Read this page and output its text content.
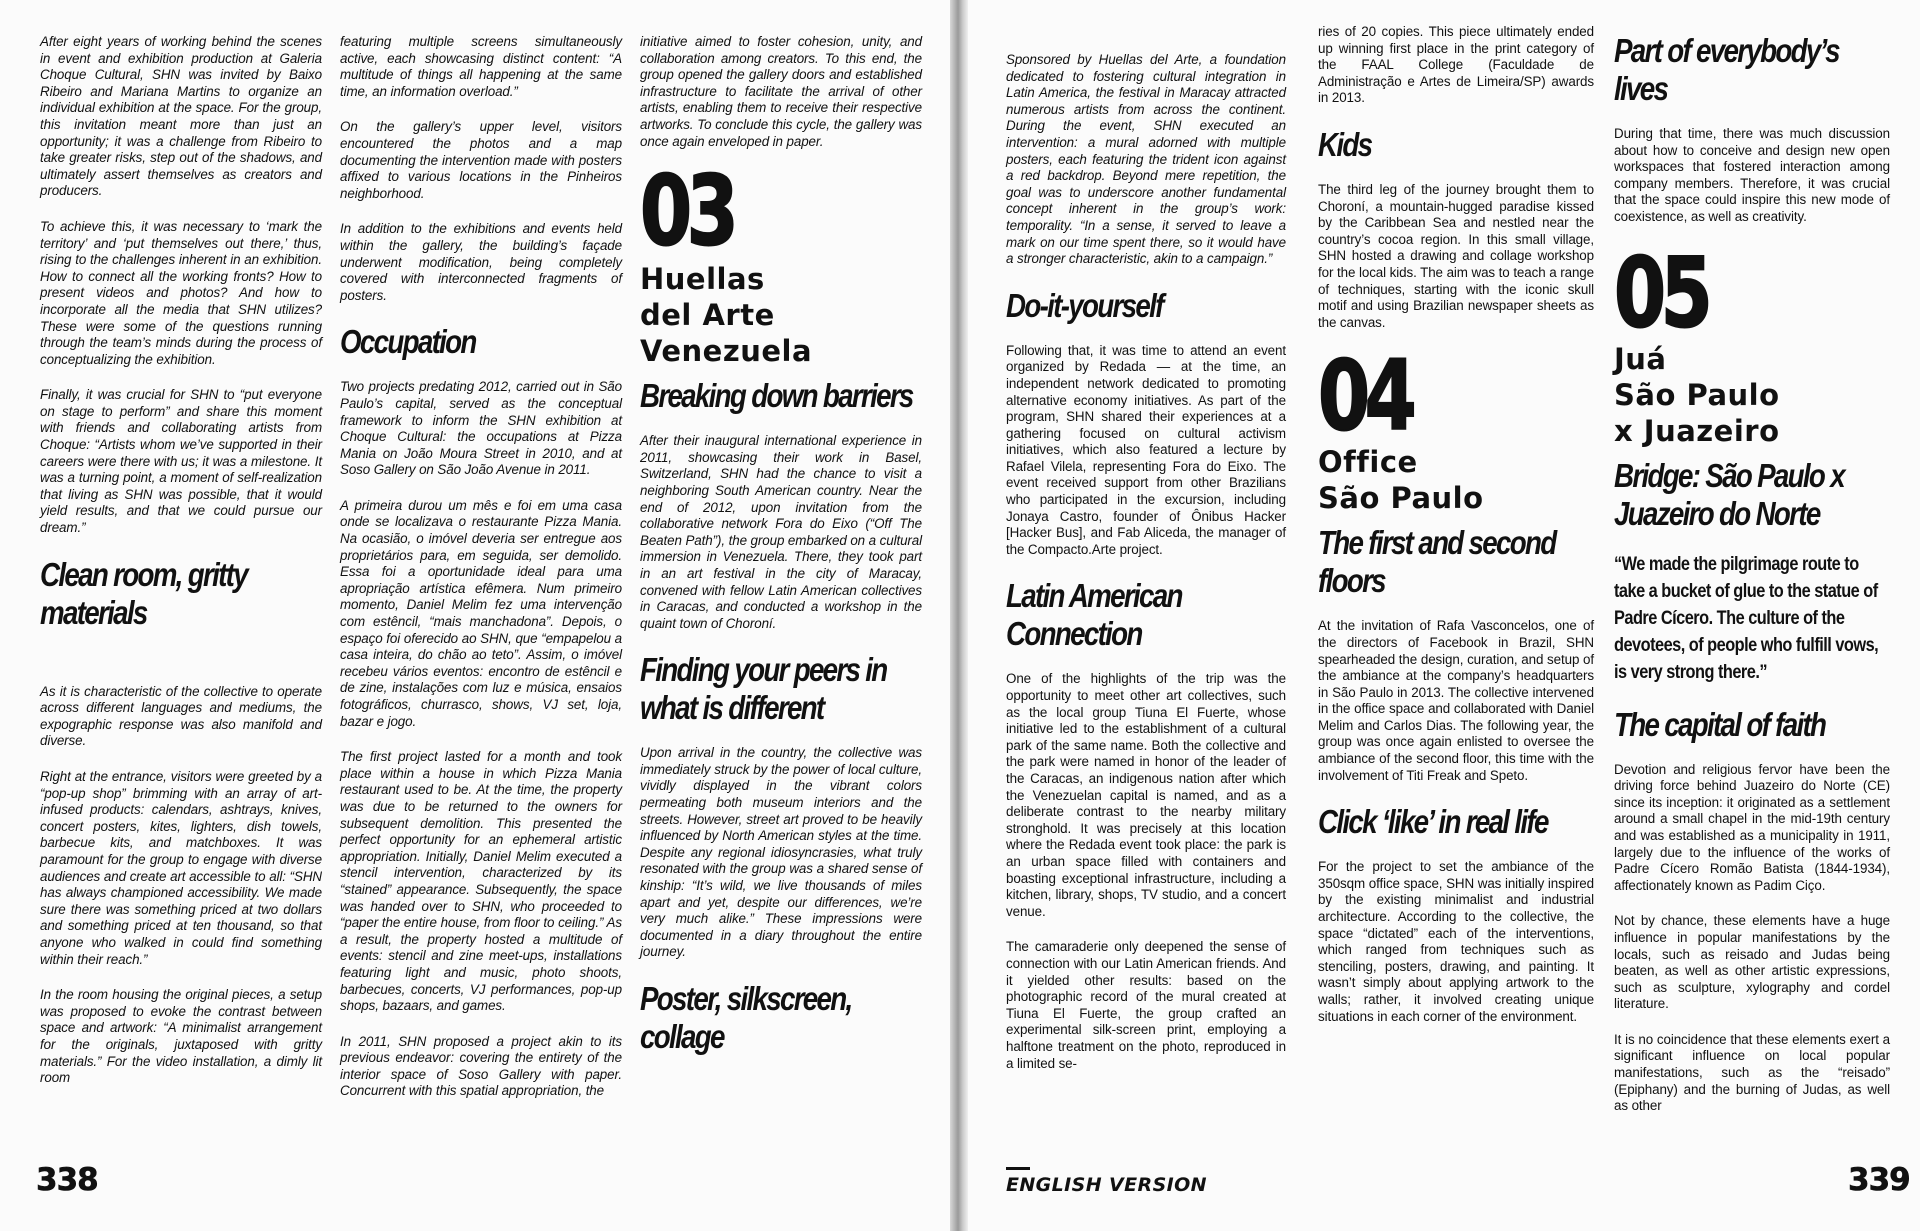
After eight years of working behind the scenes in event and exhibition production at Galeria Choque Cultural, SHN was invited by Baixo Ribeiro and Mariana Martins to organize an individual exhibition at the space. For the group, this invitation meant more than just an opportunity; it was a challenge from Ribeiro to take greater risks, step out of the shadows, and ultimately assert themselves as creators and producers.

To achieve this, it was necessary to ‘mark the territory’ and ‘put themselves out there,’ thus, rising to the challenges inherent in an exhibition. How to connect all the working fronts? How to present videos and photos? And how to incorporate all the media that SHN utilizes? These were some of the questions running through the team’s minds during the process of conceptualizing the exhibition.

Finally, it was crucial for SHN to “put everyone on stage to perform” and share this moment with friends and collaborating artists from Choque: “Artists whom we’ve supported in their careers were there with us; it was a milestone. It was a turning point, a moment of self-realization that living as SHN was possible, that it would yield results, and that we could pursue our dream.”

Clean room, gritty materials

As it is characteristic of the collective to operate across different languages and mediums, the expographic response was also manifold and diverse.

Right at the entrance, visitors were greeted by a “pop-up shop” brimming with an array of art-infused products: calendars, ashtrays, knives, concert posters, kites, lighters, dish towels, barbecue kits, and matchboxes. It was paramount for the group to engage with diverse audiences and create art accessible to all: “SHN has always championed accessibility. We made sure there was something priced at two dollars and something priced at ten thousand, so that anyone who walked in could find something within their reach.”

In the room housing the original pieces, a setup was proposed to evoke the contrast between space and artwork: “A minimalist arrangement for the originals, juxtaposed with gritty materials.” For the video installation, a dimly lit room

featuring multiple screens simultaneously active, each showcasing distinct content: “A multitude of things all happening at the same time, an information overload.”

On the gallery’s upper level, visitors encountered the photos and a map documenting the intervention made with posters affixed to various locations in the Pinheiros neighborhood.

In addition to the exhibitions and events held within the gallery, the building’s façade underwent modification, being completely covered with interconnected fragments of posters.

Occupation

Two projects predating 2012, carried out in São Paulo’s capital, served as the conceptual framework to inform the SHN exhibition at Choque Cultural: the occupations at Pizza Mania on João Moura Street in 2010, and at Soso Gallery on São João Avenue in 2011.

A primeira durou um mês e foi em uma casa onde se localizava o restaurante Pizza Mania. Na ocasião, o imóvel deveria ser entregue aos proprietários para, em seguida, ser demolido. Essa foi a oportunidade ideal para uma apropriação artística efêmera. Num primeiro momento, Daniel Melim fez uma intervenção com estêncil, “mais manchadona”. Depois, o espaço foi oferecido ao SHN, que “empapelou a casa inteira, do chão ao teto”. Assim, o imóvel recebeu vários eventos: encontro de estêncil e de zine, instalações com luz e música, ensaios fotográficos, churrasco, shows, VJ set, loja, bazar e jogo.

The first project lasted for a month and took place within a house in which Pizza Mania restaurant used to be. At the time, the property was due to be returned to the owners for subsequent demolition. This presented the perfect opportunity for an ephemeral artistic appropriation. Initially, Daniel Melim executed a stencil intervention, characterized by its “stained” appearance. Subsequently, the space was handed over to SHN, who proceeded to “paper the entire house, from floor to ceiling.” As a result, the property hosted a multitude of events: stencil and zine meet-ups, installations featuring light and music, photo shoots, barbecues, concerts, VJ performances, pop-up shops, bazaars, and games.

In 2011, SHN proposed a project akin to its previous endeavor: covering the entirety of the interior space of Soso Gallery with paper. Concurrent with this spatial appropriation, the

initiative aimed to foster cohesion, unity, and collaboration among creators. To this end, the group opened the gallery doors and established infrastructure to facilitate the arrival of other artists, enabling them to receive their respective artworks. To conclude this cycle, the gallery was once again enveloped in paper.

03
Huellas
del Arte
Venezuela
Breaking down barriers

After their inaugural international experience in 2011, showcasing their work in Basel, Switzerland, SHN had the chance to visit a neighboring South American country. Near the end of 2012, upon invitation from the collaborative network Fora do Eixo (“Off The Beaten Path”), the group embarked on a cultural immersion in Venezuela. There, they took part in an art festival in the city of Maracay, convened with fellow Latin American collectives in Caracas, and conducted a workshop in the quaint town of Choroní.

Finding your peers in what is different

Upon arrival in the country, the collective was immediately struck by the power of local culture, vividly displayed in the vibrant colors permeating both museum interiors and the streets. However, street art proved to be heavily influenced by North American styles at the time. Despite any regional idiosyncrasies, what truly resonated with the group was a shared sense of kinship: “It’s wild, we live thousands of miles apart and yet, despite our differences, we’re very much alike.” These impressions were documented in a diary throughout the entire journey.

Poster, silkscreen, collage
338

Sponsored by Huellas del Arte, a foundation dedicated to fostering cultural integration in Latin America, the festival in Maracay attracted numerous artists from across the continent. During the event, SHN executed an intervention: a mural adorned with multiple posters, each featuring the trident icon against a red backdrop. Beyond mere repetition, the goal was to underscore another fundamental concept inherent in the group’s work: temporality. “In a sense, it served to leave a mark on our time spent there, so it would have a stronger characteristic, akin to a campaign.”

Do-it-yourself

Following that, it was time to attend an event organized by Redada — at the time, an independent network dedicated to promoting alternative economy initiatives. As part of the program, SHN shared their experiences at a gathering focused on cultural activism initiatives, which also featured a lecture by Rafael Vilela, representing Fora do Eixo. The event received support from other Brazilians who participated in the excursion, including Jonaya Castro, founder of Ônibus Hacker [Hacker Bus], and Fab Aliceda, the manager of the Compacto.Arte project.

Latin American Connection

One of the highlights of the trip was the opportunity to meet other art collectives, such as the local group Tiuna El Fuerte, whose initiative led to the establishment of a cultural park of the same name. Both the collective and the park were named in honor of the leader of the Caracas, an indigenous nation after which the Venezuelan capital is named, and as a deliberate contrast to the nearby military stronghold. It was precisely at this location where the Redada event took place: the park is an urban space filled with containers and boasting exceptional infrastructure, including a kitchen, library, shops, TV studio, and a concert venue.

The camaraderie only deepened the sense of connection with our Latin American friends. And it yielded other results: based on the photographic record of the mural created at Tiuna El Fuerte, the group crafted an experimental silk-screen print, employing a halftone treatment on the photo, reproduced in a limited se-

ries of 20 copies. This piece ultimately ended up winning first place in the print category of the FAAL College (Faculdade de Administração e Artes de Limeira/SP) awards in 2013.

Kids

The third leg of the journey brought them to Choroní, a mountain-hugged paradise kissed by the Caribbean Sea and nestled near the country’s cocoa region. In this small village, SHN hosted a drawing and collage workshop for the local kids. The aim was to teach a range of techniques, starting with the iconic skull motif and using Brazilian newspaper sheets as the canvas.

04
Office
São Paulo
The first and second floors

At the invitation of Rafa Vasconcelos, one of the directors of Facebook in Brazil, SHN spearheaded the design, curation, and setup of the ambiance at the company’s headquarters in São Paulo in 2013. The collective intervened in the office space and collaborated with Daniel Melim and Carlos Dias. The following year, the group was once again enlisted to oversee the ambiance of the second floor, this time with the involvement of Titi Freak and Speto.

Click ‘like’ in real life

For the project to set the ambiance of the 350sqm office space, SHN was initially inspired by the existing minimalist and industrial architecture. According to the collective, the space “dictated” each of the interventions, which ranged from techniques such as stenciling, posters, drawing, and painting. It wasn’t simply about applying artwork to the walls; rather, it involved creating unique situations in each corner of the environment.

Part of everybody’s lives

During that time, there was much discussion about how to conceive and design new open workspaces that fostered interaction among company members. Therefore, it was crucial that the space could inspire this new mode of coexistence, as well as creativity.

05
Juá
São Paulo
x Juazeiro
Bridge: São Paulo x Juazeiro do Norte
“We made the pilgrimage route to take a bucket of glue to the statue of Padre Cícero. The culture of the devotees, of people who fulfill vows, is very strong there.”
The capital of faith

Devotion and religious fervor have been the driving force behind Juazeiro do Norte (CE) since its inception: it originated as a settlement around a small chapel in the mid-19th century and was established as a municipality in 1911, largely due to the influence of the works of Padre Cícero Romão Batista (1844-1934), affectionately known as Padim Ciço.

Not by chance, these elements have a huge influence in popular manifestations by the locals, such as reisado and Judas being beaten, as well as other artistic expressions, such as sculpture, xylography and cordel literature.

It is no coincidence that these elements exert a significant influence on local popular manifestations, such as the “reisado” (Epiphany) and the burning of Judas, as well as other

ENGLISH VERSION	339
